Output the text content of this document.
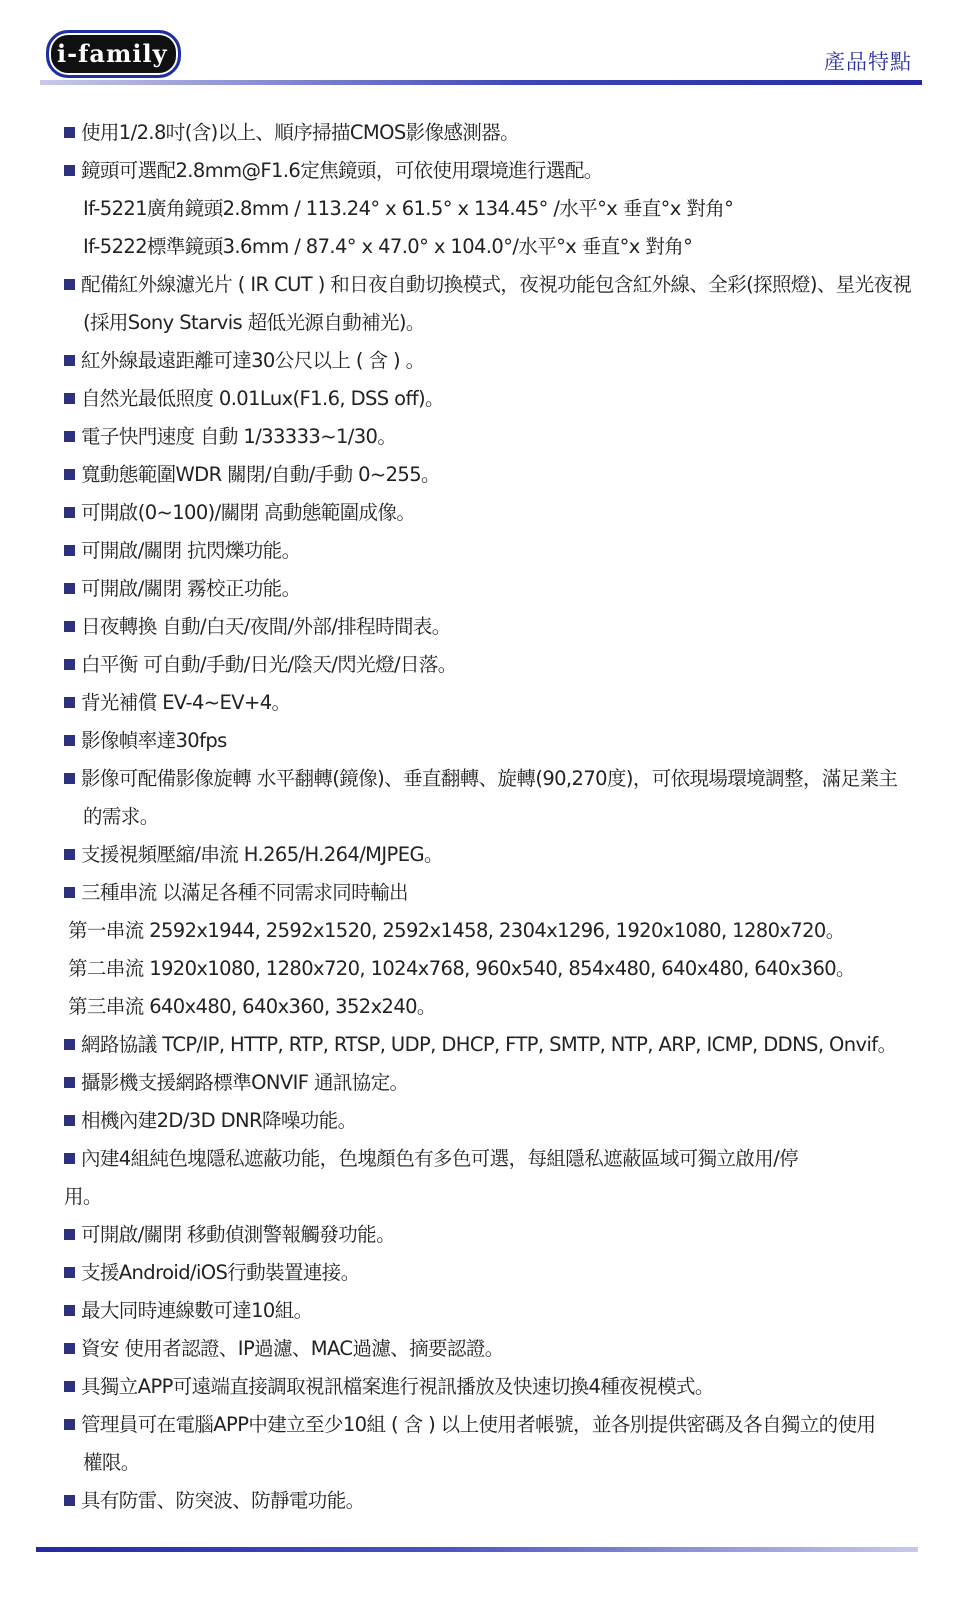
i-family	產品特點
使用1/2.8吋(含)以上、順序掃描CMOS影像感測器。
鏡頭可選配2.8mm@F1.6定焦鏡頭，可依使用環境進行選配。
If-5221廣角鏡頭2.8mm / 113.24° x 61.5° x 134.45° /水平°x 垂直°x 對角°
If-5222標準鏡頭3.6mm / 87.4° x 47.0° x 104.0°/水平°x 垂直°x 對角°
配備紅外線濾光片 ( IR CUT ) 和日夜自動切換模式，夜視功能包含紅外線、全彩(探照燈)、星光夜視
(採用Sony Starvis 超低光源自動補光)。
紅外線最遠距離可達30公尺以上 ( 含 ) 。
自然光最低照度 0.01Lux(F1.6, DSS off)。
電子快門速度 自動 1/33333~1/30。
寬動態範圍WDR 關閉/自動/手動 0~255。
可開啟(0~100)/關閉 高動態範圍成像。
可開啟/關閉 抗閃爍功能。
可開啟/關閉 霧校正功能。
日夜轉換 自動/白天/夜間/外部/排程時間表。
白平衡 可自動/手動/日光/陰天/閃光燈/日落。
背光補償 EV-4~EV+4。
影像幀率達30fps
影像可配備影像旋轉 水平翻轉(鏡像)、垂直翻轉、旋轉(90,270度)，可依現場環境調整，滿足業主
的需求。
支援視頻壓縮/串流 H.265/H.264/MJPEG。
三種串流 以滿足各種不同需求同時輸出
第一串流 2592x1944, 2592x1520, 2592x1458, 2304x1296, 1920x1080, 1280x720。
第二串流 1920x1080, 1280x720, 1024x768, 960x540, 854x480, 640x480, 640x360。
第三串流 640x480, 640x360, 352x240。
網路協議 TCP/IP, HTTP, RTP, RTSP, UDP, DHCP, FTP, SMTP, NTP, ARP, ICMP, DDNS, Onvif。
攝影機支援網路標準ONVIF 通訊協定。
相機內建2D/3D DNR降噪功能。
內建4組純色塊隱私遮蔽功能，色塊顏色有多色可選，每組隱私遮蔽區域可獨立啟用/停
用。
可開啟/關閉 移動偵測警報觸發功能。
支援Android/iOS行動裝置連接。
最大同時連線數可達10組。
資安 使用者認證、IP過濾、MAC過濾、摘要認證。
具獨立APP可遠端直接調取視訊檔案進行視訊播放及快速切換4種夜視模式。
管理員可在電腦APP中建立至少10組 ( 含 ) 以上使用者帳號，並各別提供密碼及各自獨立的使用
權限。
具有防雷、防突波、防靜電功能。
